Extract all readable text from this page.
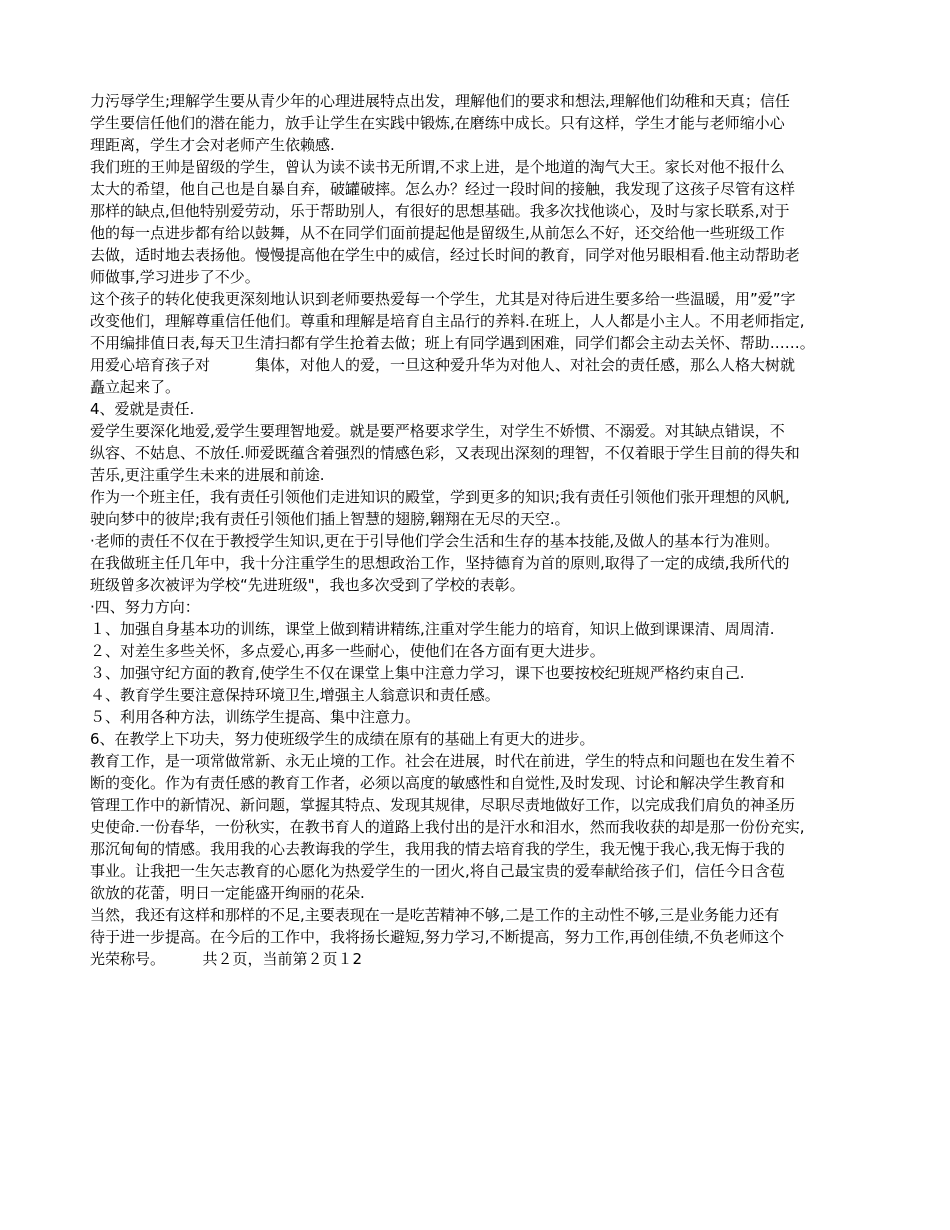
力污辱学生;理解学生要从青少年的心理进展特点出发，理解他们的要求和想法,理解他们幼稚和天真；信任
学生要信任他们的潜在能力，放手让学生在实践中锻炼,在磨练中成长。只有这样，学生才能与老师缩小心
理距离，学生才会对老师产生依赖感.
我们班的王帅是留级的学生，曾认为读不读书无所谓,不求上进，是个地道的淘气大王。家长对他不报什么
太大的希望，他自己也是自暴自弃，破罐破摔。怎么办？经过一段时间的接触，我发现了这孩子尽管有这样
那样的缺点,但他特别爱劳动，乐于帮助别人，有很好的思想基础。我多次找他谈心，及时与家长联系,对于
他的每一点进步都有给以鼓舞，从不在同学们面前提起他是留级生,从前怎么不好，还交给他一些班级工作
去做，适时地去表扬他。慢慢提高他在学生中的威信，经过长时间的教育，同学对他另眼相看.他主动帮助老
师做事,学习进步了不少。
这个孩子的转化使我更深刻地认识到老师要热爱每一个学生，尤其是对待后进生要多给一些温暖，用”爱”字
改变他们，理解尊重信任他们。尊重和理解是培育自主品行的养料.在班上，人人都是小主人。不用老师指定,
不用编排值日表,每天卫生清扫都有学生抢着去做；班上有同学遇到困难，同学们都会主动去关怀、帮助……。
用爱心培育孩子对　　　集体，对他人的爱，一旦这种爱升华为对他人、对社会的责任感，那么人格大树就
矗立起来了。
4、爱就是责任.
爱学生要深化地爱,爱学生要理智地爱。就是要严格要求学生，对学生不娇惯、不溺爱。对其缺点错误，不
纵容、不姑息、不放任.师爱既蕴含着强烈的情感色彩，又表现出深刻的理智，不仅着眼于学生目前的得失和
苦乐,更注重学生未来的进展和前途.
作为一个班主任，我有责任引领他们走进知识的殿堂，学到更多的知识;我有责任引领他们张开理想的风帆,
驶向梦中的彼岸;我有责任引领他们插上智慧的翅膀,翱翔在无尽的天空.。
·老师的责任不仅在于教授学生知识,更在于引导他们学会生活和生存的基本技能,及做人的基本行为准则。
在我做班主任几年中，我十分注重学生的思想政治工作，坚持德育为首的原则,取得了一定的成绩,我所代的
班级曾多次被评为学校“先进班级"，我也多次受到了学校的表彰。
·四、努力方向：
１、加强自身基本功的训练，课堂上做到精讲精练,注重对学生能力的培育，知识上做到课课清、周周清.
２、对差生多些关怀，多点爱心,再多一些耐心，使他们在各方面有更大进步。
３、加强守纪方面的教育,使学生不仅在课堂上集中注意力学习，课下也要按校纪班规严格约束自己.
４、教育学生要注意保持环境卫生,增强主人翁意识和责任感。
５、利用各种方法，训练学生提高、集中注意力。
6、在教学上下功夫，努力使班级学生的成绩在原有的基础上有更大的进步。
教育工作，是一项常做常新、永无止境的工作。社会在进展，时代在前进，学生的特点和问题也在发生着不
断的变化。作为有责任感的教育工作者，必须以高度的敏感性和自觉性,及时发现、讨论和解决学生教育和
管理工作中的新情况、新问题，掌握其特点、发现其规律，尽职尽责地做好工作，以完成我们肩负的神圣历
史使命.一份春华，一份秋实，在教书育人的道路上我付出的是汗水和泪水，然而我收获的却是那一份份充实,
那沉甸甸的情感。我用我的心去教诲我的学生，我用我的情去培育我的学生，我无愧于我心,我无悔于我的
事业。让我把一生矢志教育的心愿化为热爱学生的一团火,将自己最宝贵的爱奉献给孩子们，信任今日含苞
欲放的花蕾，明日一定能盛开绚丽的花朵.
当然，我还有这样和那样的不足,主要表现在一是吃苦精神不够,二是工作的主动性不够,三是业务能力还有
待于进一步提高。在今后的工作中，我将扬长避短,努力学习,不断提高，努力工作,再创佳绩,不负老师这个
光荣称号。　　　共２页，当前第２页１2
